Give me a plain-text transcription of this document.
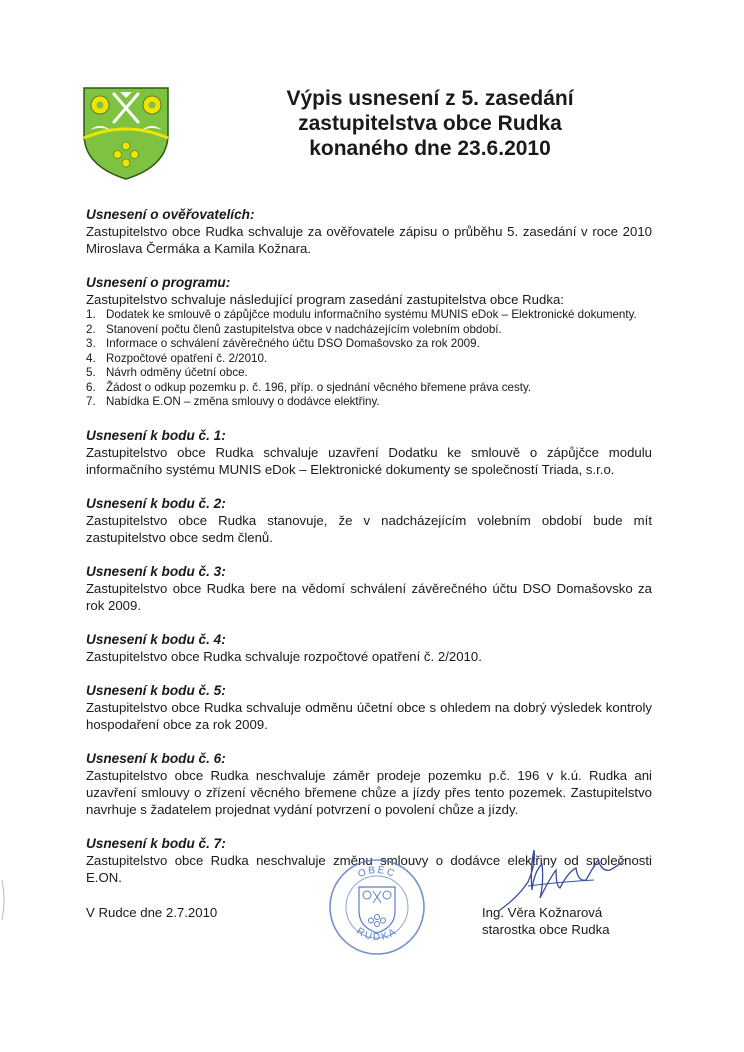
Výpis usnesení z 5. zasedání
zastupitelstva obce Rudka
konaného dne 23.6.2010
Usnesení o ověřovatelích:
Zastupitelstvo obce Rudka schvaluje za ověřovatele zápisu o průběhu 5. zasedání v roce 2010 Miroslava Čermáka a Kamila Kožnara.
Usnesení o programu:
Zastupitelstvo schvaluje následující program zasedání zastupitelstva obce Rudka:
1. Dodatek ke smlouvě o zápůjčce modulu informačního systému MUNIS eDok – Elektronické dokumenty.
2. Stanovení počtu členů zastupitelstva obce v nadcházejícím volebním období.
3. Informace o schválení závěrečného účtu DSO Domašovsko za rok 2009.
4. Rozpočtové opatření č. 2/2010.
5. Návrh odměny účetní obce.
6. Žádost o odkup pozemku p. č. 196, příp. o sjednání věcného břemene práva cesty.
7. Nabídka E.ON – změna smlouvy o dodávce elektřiny.
Usnesení k bodu č. 1:
Zastupitelstvo obce Rudka schvaluje uzavření Dodatku ke smlouvě o zápůjčce modulu informačního systému MUNIS eDok – Elektronické dokumenty se společností Triada, s.r.o.
Usnesení k bodu č. 2:
Zastupitelstvo obce Rudka stanovuje, že v nadcházejícím volebním období bude mít zastupitelstvo obce sedm členů.
Usnesení k bodu č. 3:
Zastupitelstvo obce Rudka bere na vědomí schválení závěrečného účtu DSO Domašovsko za rok 2009.
Usnesení k bodu č. 4:
Zastupitelstvo obce Rudka schvaluje rozpočtové opatření č. 2/2010.
Usnesení k bodu č. 5:
Zastupitelstvo obce Rudka schvaluje odměnu účetní obce s ohledem na dobrý výsledek kontroly hospodaření obce za rok 2009.
Usnesení k bodu č. 6:
Zastupitelstvo obce Rudka neschvaluje záměr prodeje pozemku p.č. 196 v k.ú. Rudka ani uzavření smlouvy o zřízení věcného břemene chůze a jízdy přes tento pozemek. Zastupitelstvo navrhuje s žadatelem projednat vydání potvrzení o povolení chůze a jízdy.
Usnesení k bodu č. 7:
Zastupitelstvo obce Rudka neschvaluje změnu smlouvy o dodávce elektřiny od společnosti E.ON.
V Rudce dne 2.7.2010
OBEC
RUDKA
Ing. Věra Kožnarová
starostka obce Rudka
